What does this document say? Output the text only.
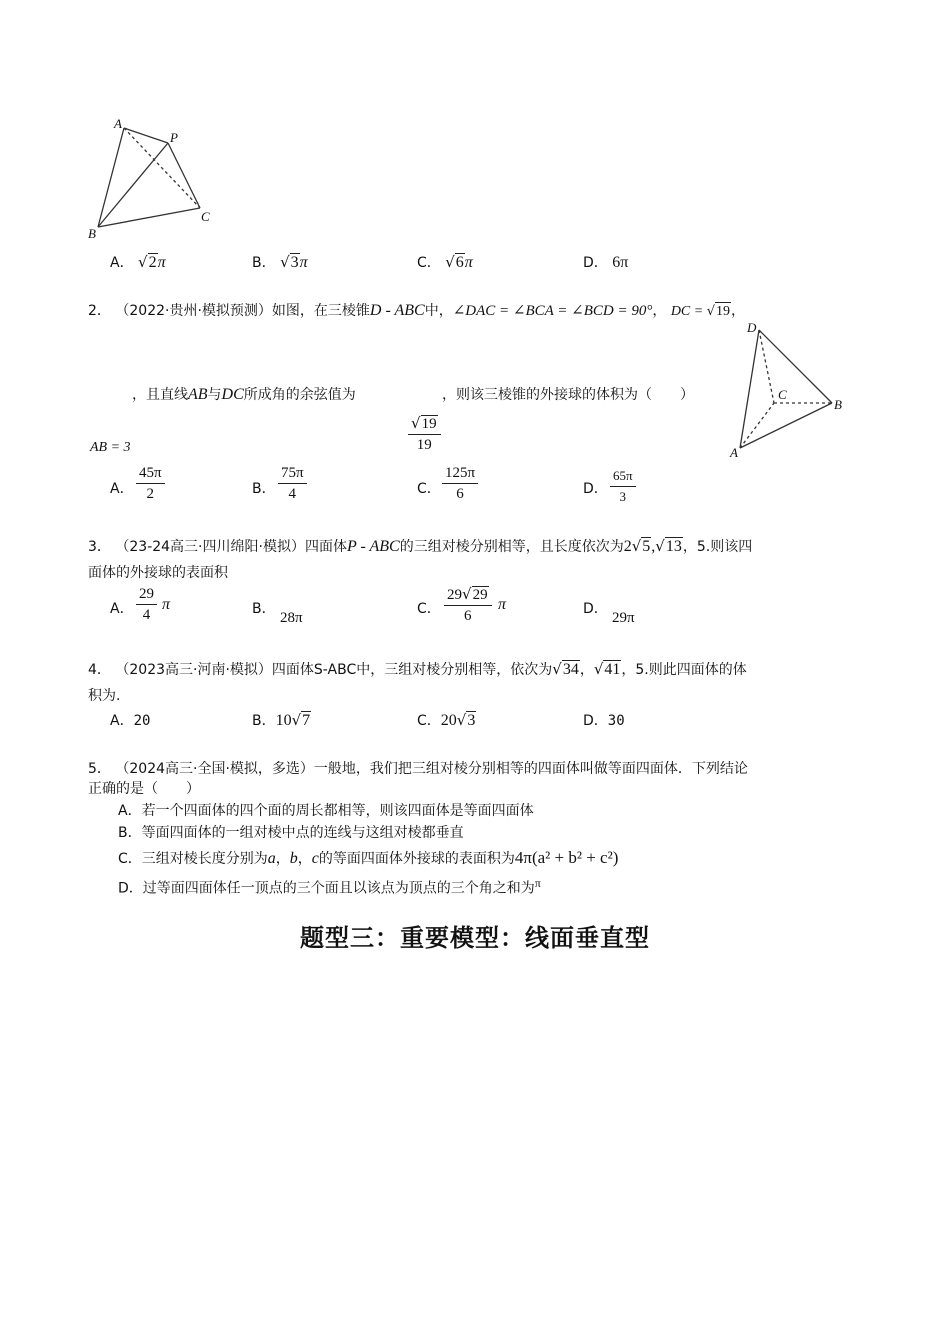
A
P
B
C
A． √2π	B． √3π	C． √6π	D． 6π
2． （2022·贵州·模拟预测）如图，在三棱锥D - ABC中，∠DAC = ∠BCA = ∠BCD = 90°， DC = √19，
，且直线AB与DC所成角的余弦值为	，则该三棱锥的外接球的体积为（　　）
$\frac{√19}{19}$
AB = 3
D
C
B
A
A． $\frac{45\pi}{2}$	B． $\frac{75\pi}{4}$	C． $\frac{125\pi}{6}$	D． $\frac{65\pi}{3}$
3． （23-24高三·四川绵阳·模拟）四面体P - ABC的三组对棱分别相等，且长度依次为2√5,√13，5.则该四
面体的外接球的表面积
A． $\frac{29}{4}$ π	B．
28π
C． $\frac{29√29}{6}$ π	D．
29π
4． （2023高三·河南·模拟）四面体S-ABC中，三组对棱分别相等，依次为√34，√41，5.则此四面体的体
积为.
A．20	B．10√7	C．20√3	D．30
5． （2024高三·全国·模拟，多选）一般地，我们把三组对棱分别相等的四面体叫做等面四面体．下列结论
正确的是（　　）
A．若一个四面体的四个面的周长都相等，则该四面体是等面四面体
B．等面四面体的一组对棱中点的连线与这组对棱都垂直
C．三组对棱长度分别为a，b，c的等面四面体外接球的表面积为4π(a² + b² + c²)
D．过等面四面体任一顶点的三个面且以该点为顶点的三个角之和为π
题型三：重要模型：线面垂直型
